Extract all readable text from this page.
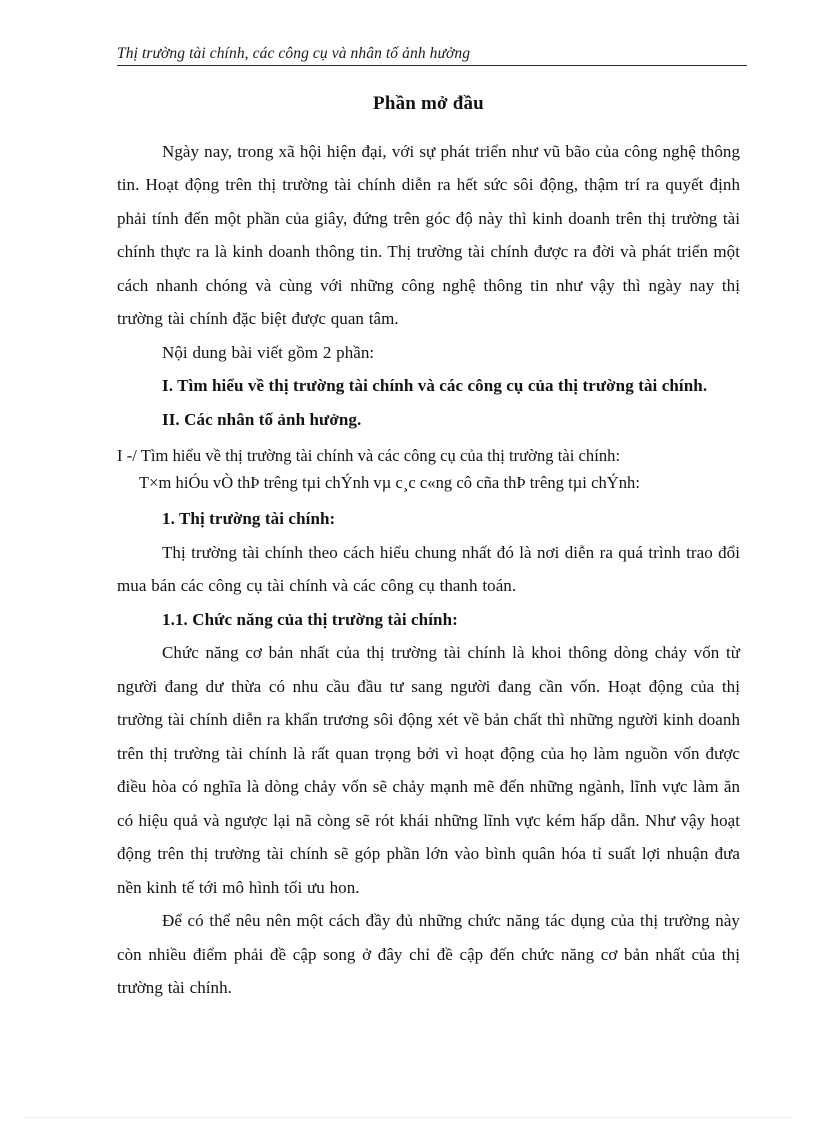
Thị trường tài chính, các công cụ và nhân tố ảnh hưởng
Phần mở đầu

Ngày nay, trong xã hội hiện đại, với sự phát triển như vũ bão của công nghệ thông tin. Hoạt động trên thị trường tài chính diễn ra hết sức sôi động, thậm trí ra quyết định phải tính đến một phần của giây, đứng trên góc độ này thì kinh doanh trên thị trường tài chính thực ra là kinh doanh thông tin. Thị trường tài chính được ra đời và phát triển một cách nhanh chóng và cùng với những công nghệ thông tin như vậy thì ngày nay thị trường tài chính đặc biệt được quan tâm.

Nội dung bài viết gồm 2 phần:

I. Tìm hiểu về thị trường tài chính và các công cụ của thị trường tài chính.

II. Các nhân tố ảnh hưởng.

I -/ Tìm hiểu về thị trường tài chính và các công cụ của thị trường tài chính:

T×m hiÓu vÒ thÞ trêng tµi chÝnh vµ c¸c c«ng cô cña thÞ trêng tµi chÝnh:

1. Thị trường tài chính:

Thị trường tài chính theo cách hiểu chung nhất đó là nơi diễn ra quá trình trao đổi mua bán các công cụ tài chính và các công cụ thanh toán.

1.1. Chức năng của thị trường tài chính:

Chức năng cơ bản nhất của thị trường tài chính là khoi thông dòng chảy vốn từ người đang dư thừa có nhu cầu đầu tư sang người đang cần vốn. Hoạt động của thị trường tài chính diễn ra khẩn trương sôi động xét về bản chất thì những người kinh doanh trên thị trường tài chính là rất quan trọng bởi vì hoạt động của họ làm nguồn vốn được điều hòa có nghĩa là dòng chảy vốn sẽ chảy mạnh mẽ đến những ngành, lĩnh vực làm ăn có hiệu quả và ngược lại nã còng sẽ rót khái những lĩnh vực kém hấp dẫn. Như vậy hoạt động trên thị trường tài chính sẽ góp phần lớn vào bình quân hóa tỉ suất lợi nhuận đưa nền kinh tế tới mô hình tối ưu hon.

Để có thể nêu nên một cách đầy đủ những chức năng tác dụng của thị trường này còn nhiều điểm phải đề cập song ở đây chỉ đề cập đến chức năng cơ bản nhất của thị trường tài chính.
